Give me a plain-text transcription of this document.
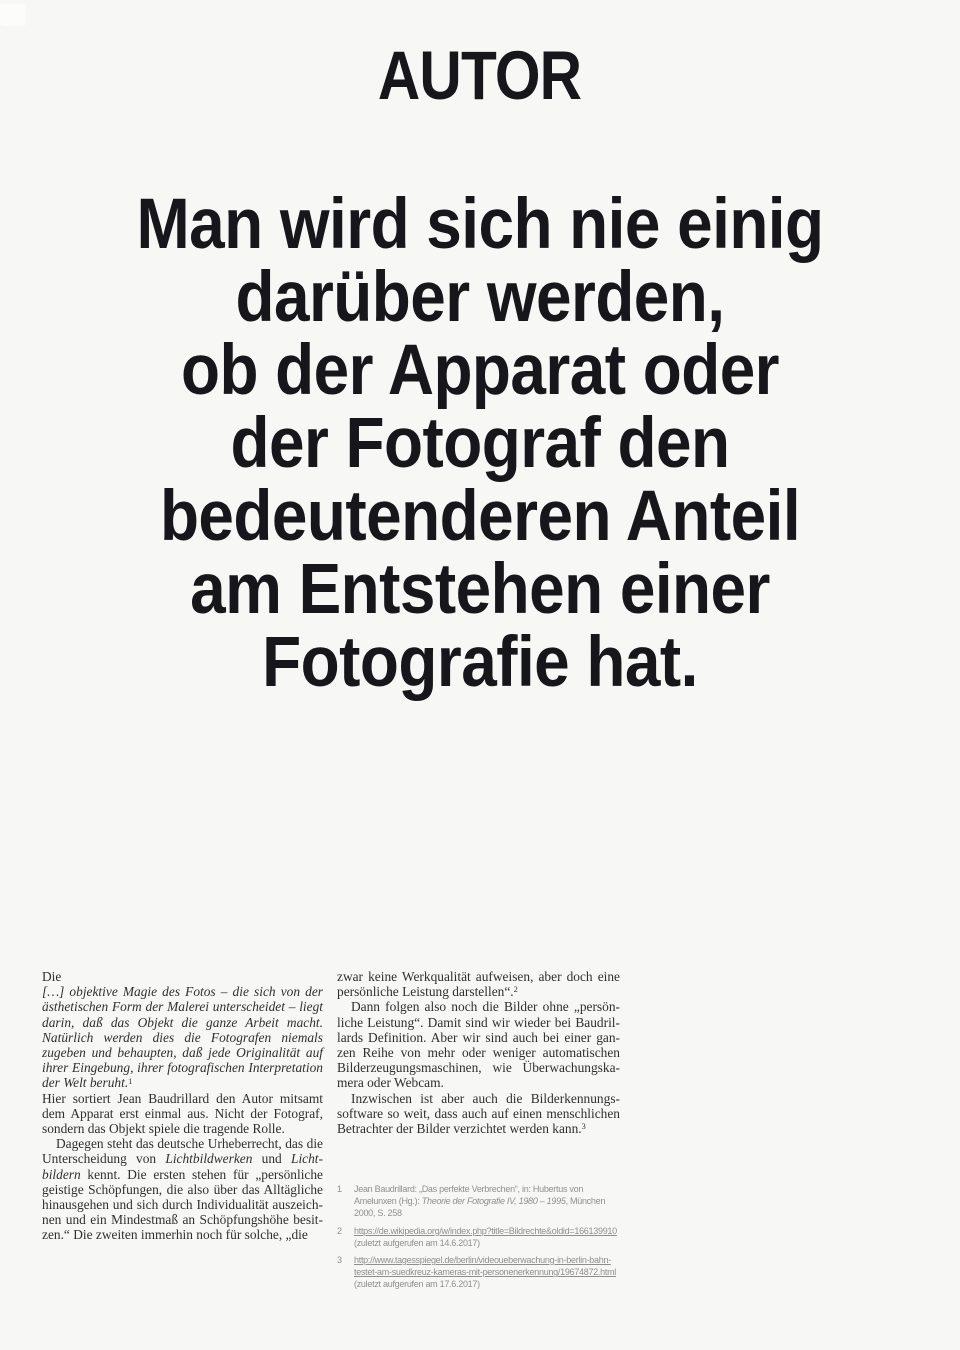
AUTOR
Man wird sich nie einig
darüber werden,
ob der Apparat oder
der Fotograf den
bedeutenderen Anteil
am Entstehen einer
Fotografie hat.

Die

[…] objektive Magie des Fotos – die sich von der ästhetischen Form der Malerei unterscheidet – liegt darin, daß das Objekt die ganze Arbeit macht. Natürlich werden dies die Fotografen niemals zugeben und behaupten, daß jede Originalität auf ihrer Eingebung, ihrer fotografischen Interpretation der Welt beruht.$^1$

Hier sortiert Jean Baudrillard den Autor mitsamt dem Apparat erst einmal aus. Nicht der Fotograf, sondern das Objekt spiele die tragende Rolle.

Dagegen steht das deutsche Urheberrecht, das die Unterscheidung von Lichtbildwerken und Lichtbildern kennt. Die ersten stehen für „persönliche geistige Schöpfungen, die also über das Alltägliche hinausgehen und sich durch Individualität auszeichnen und ein Mindestmaß an Schöpfungshöhe besitzen.“ Die zweiten immerhin noch für solche, „die

zwar keine Werkqualität aufweisen, aber doch eine persönliche Leistung darstellen“.$^2$

Dann folgen also noch die Bilder ohne „persönliche Leistung“. Damit sind wir wieder bei Baudrillards Definition. Aber wir sind auch bei einer ganzen Reihe von mehr oder weniger automatischen Bilderzeugungsmaschinen, wie Überwachungskamera oder Webcam.

Inzwischen ist aber auch die Bilderkennungssoftware so weit, dass auch auf einen menschlichen Betrachter der Bilder verzichtet werden kann.$^3$

1	Jean Baudrillard: „Das perfekte Verbrechen“, in: Hubertus von Amelunxen (Hg.): Theorie der Fotografie IV, 1980 – 1995, München 2000, S. 258
2	https://de.wikipedia.org/w/index.php?title=Bildrechte&oldid=166139910 (zuletzt aufgerufen am 14.6.2017)
3	http://www.tagesspiegel.de/berlin/videoueberwachung-in-berlin-bahn-testet-am-suedkreuz-kameras-mit-personenerkennung/19674872.html (zuletzt aufgerufen am 17.6.2017)
